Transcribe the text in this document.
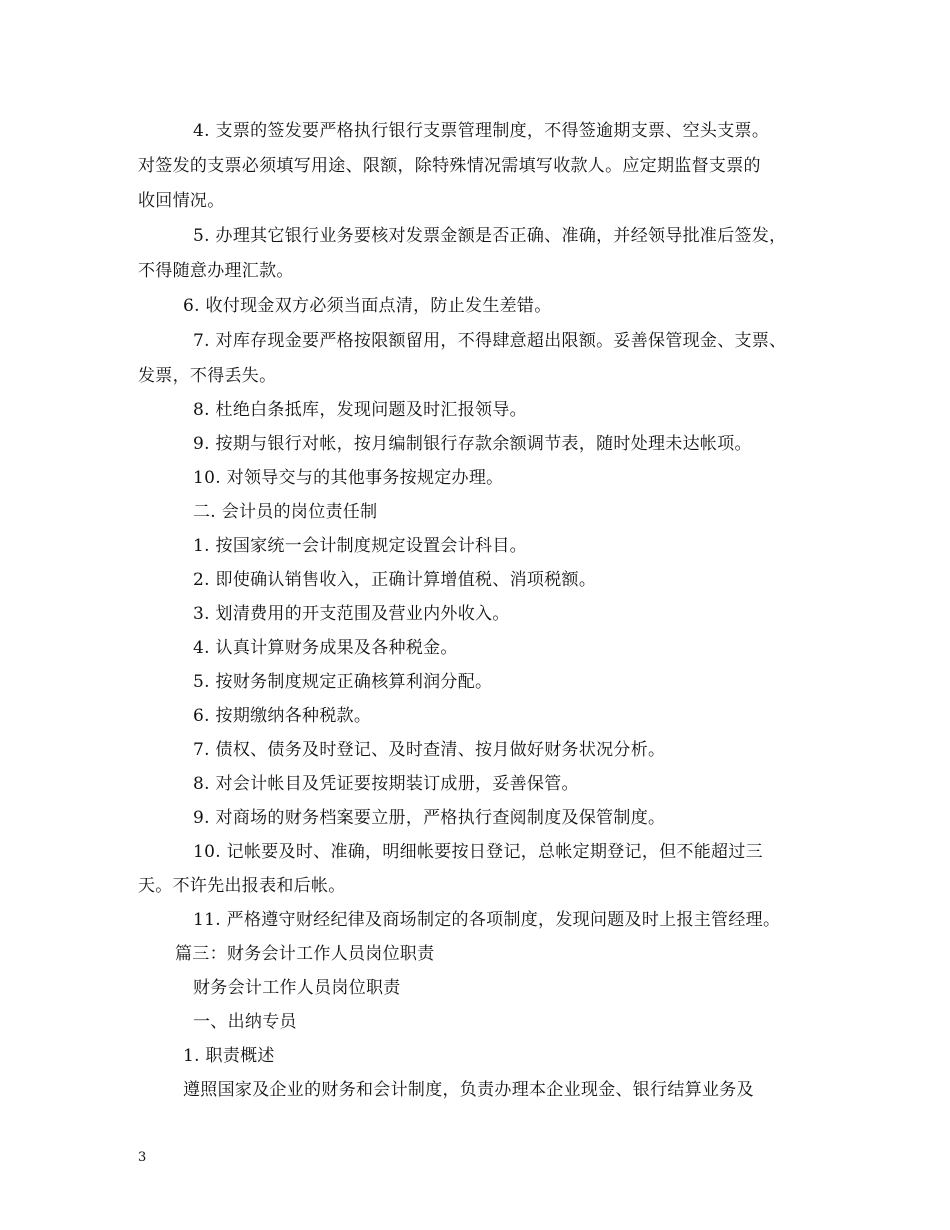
4. 支票的签发要严格执行银行支票管理制度，不得签逾期支票、空头支票。
对签发的支票必须填写用途、限额，除特殊情况需填写收款人。应定期监督支票的
收回情况。
5. 办理其它银行业务要核对发票金额是否正确、准确，并经领导批准后签发，
不得随意办理汇款。
6. 收付现金双方必须当面点清，防止发生差错。
7. 对库存现金要严格按限额留用，不得肆意超出限额。妥善保管现金、支票、
发票，不得丢失。
8. 杜绝白条抵库，发现问题及时汇报领导。
9. 按期与银行对帐，按月编制银行存款余额调节表，随时处理未达帐项。
10. 对领导交与的其他事务按规定办理。
二. 会计员的岗位责任制
1. 按国家统一会计制度规定设置会计科目。
2. 即使确认销售收入，正确计算增值税、消项税额。
3. 划清费用的开支范围及营业内外收入。
4. 认真计算财务成果及各种税金。
5. 按财务制度规定正确核算利润分配。
6. 按期缴纳各种税款。
7. 债权、债务及时登记、及时查清、按月做好财务状况分析。
8. 对会计帐目及凭证要按期装订成册，妥善保管。
9. 对商场的财务档案要立册，严格执行查阅制度及保管制度。
10. 记帐要及时、准确，明细帐要按日登记，总帐定期登记，但不能超过三
天。不许先出报表和后帐。
11. 严格遵守财经纪律及商场制定的各项制度，发现问题及时上报主管经理。
篇三：财务会计工作人员岗位职责
财务会计工作人员岗位职责
一、出纳专员
1. 职责概述
遵照国家及企业的财务和会计制度，负责办理本企业现金、银行结算业务及
3
